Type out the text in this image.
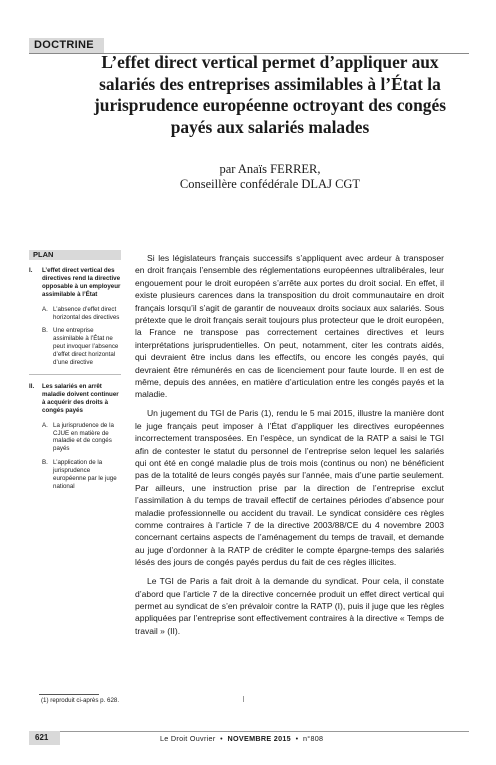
DOCTRINE
L’effet direct vertical permet d’appliquer aux salariés des entreprises assimilables à l’État la jurisprudence européenne octroyant des congés payés aux salariés malades
par Anaïs FERRER,
Conseillère confédérale DLAJ CGT
PLAN
I.	L’effet direct vertical des directives rend la directive opposable à un employeur assimilable à l’État
A. L’absence d’effet direct horizontal des directives
B. Une entreprise assimilable à l’État ne peut invoquer l’absence d’effet direct horizontal d’une directive
II.	Les salariés en arrêt maladie doivent continuer à acquérir des droits à congés payés
A. La jurisprudence de la CJUE en matière de maladie et de congés payés
B. L’application de la jurisprudence européenne par le juge national

Si les législateurs français successifs s’appliquent avec ardeur à transposer en droit français l’ensemble des réglementations européennes ultralibérales, leur engouement pour le droit européen s’arrête aux portes du droit social. En effet, il existe plusieurs carences dans la transposition du droit communautaire en droit français lorsqu’il s’agit de garantir de nouveaux droits sociaux aux salariés. Sous prétexte que le droit français serait toujours plus protecteur que le droit européen, la France ne transpose pas correctement certaines directives et leurs interprétations jurisprudentielles. On peut, notamment, citer les contrats aidés, qui devraient être inclus dans les effectifs, ou encore les congés payés, qui devraient être rémunérés en cas de licenciement pour faute lourde. Il en est de même, depuis des années, en matière d’articulation entre les congés payés et la maladie.

Un jugement du TGI de Paris (1), rendu le 5 mai 2015, illustre la manière dont le juge français peut imposer à l’État d’appliquer les directives européennes incorrectement transposées. En l’espèce, un syndicat de la RATP a saisi le TGI afin de contester le statut du personnel de l’entreprise selon lequel les salariés qui ont été en congé maladie plus de trois mois (continus ou non) ne bénéficient pas de la totalité de leurs congés payés sur l’année, mais d’une partie seulement. Par ailleurs, une instruction prise par la direction de l’entreprise exclut l’assimilation à du temps de travail effectif de certaines périodes d’absence pour maladie professionnelle ou accident du travail. Le syndicat considère ces règles comme contraires à l’article 7 de la directive 2003/88/CE du 4 novembre 2003 concernant certains aspects de l’aménagement du temps de travail, et demande au juge d’ordonner à la RATP de créditer le compte épargne-temps des salariés lésés des jours de congés payés perdus du fait de ces règles illicites.

Le TGI de Paris a fait droit à la demande du syndicat. Pour cela, il constate d’abord que l’article 7 de la directive concernée produit un effet direct vertical qui permet au syndicat de s’en prévaloir contre la RATP (I), puis il juge que les règles appliquées par l’entreprise sont effectivement contraires à la directive « Temps de travail » (II).

(1) reproduit ci-après p. 628.
621	Le Droit Ouvrier  •  NOVEMBRE 2015  •  n°808
